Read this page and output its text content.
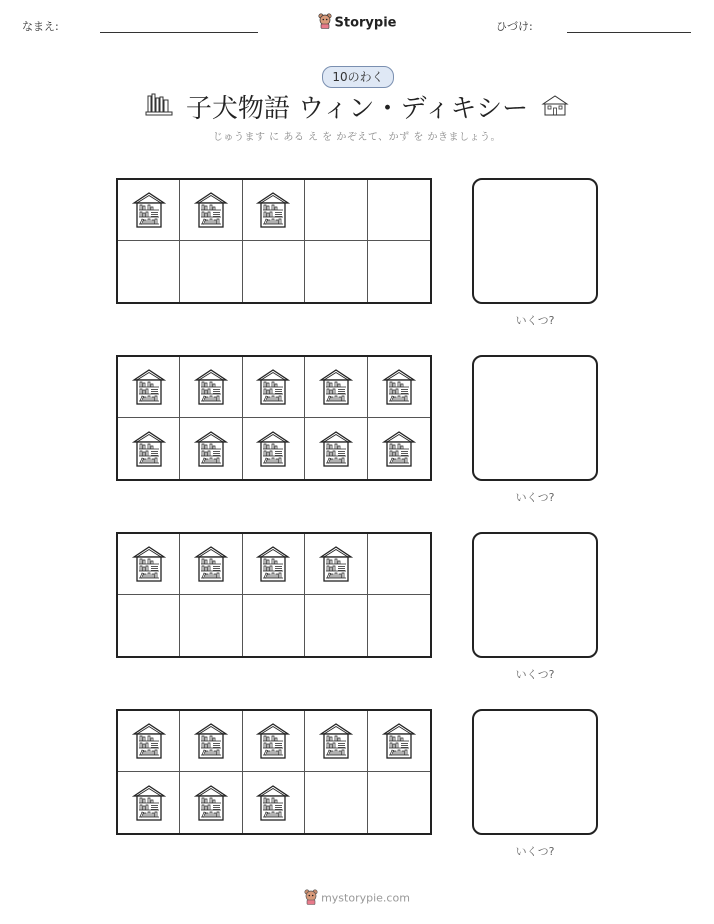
なまえ:	Storypie	ひづけ:
10のわく
子犬物語 ウィン・ディキシー
じゅうます に ある え を かぞえて、かず を かきましょう。
いくつ?
いくつ?
いくつ?
いくつ?
mystorypie.com
